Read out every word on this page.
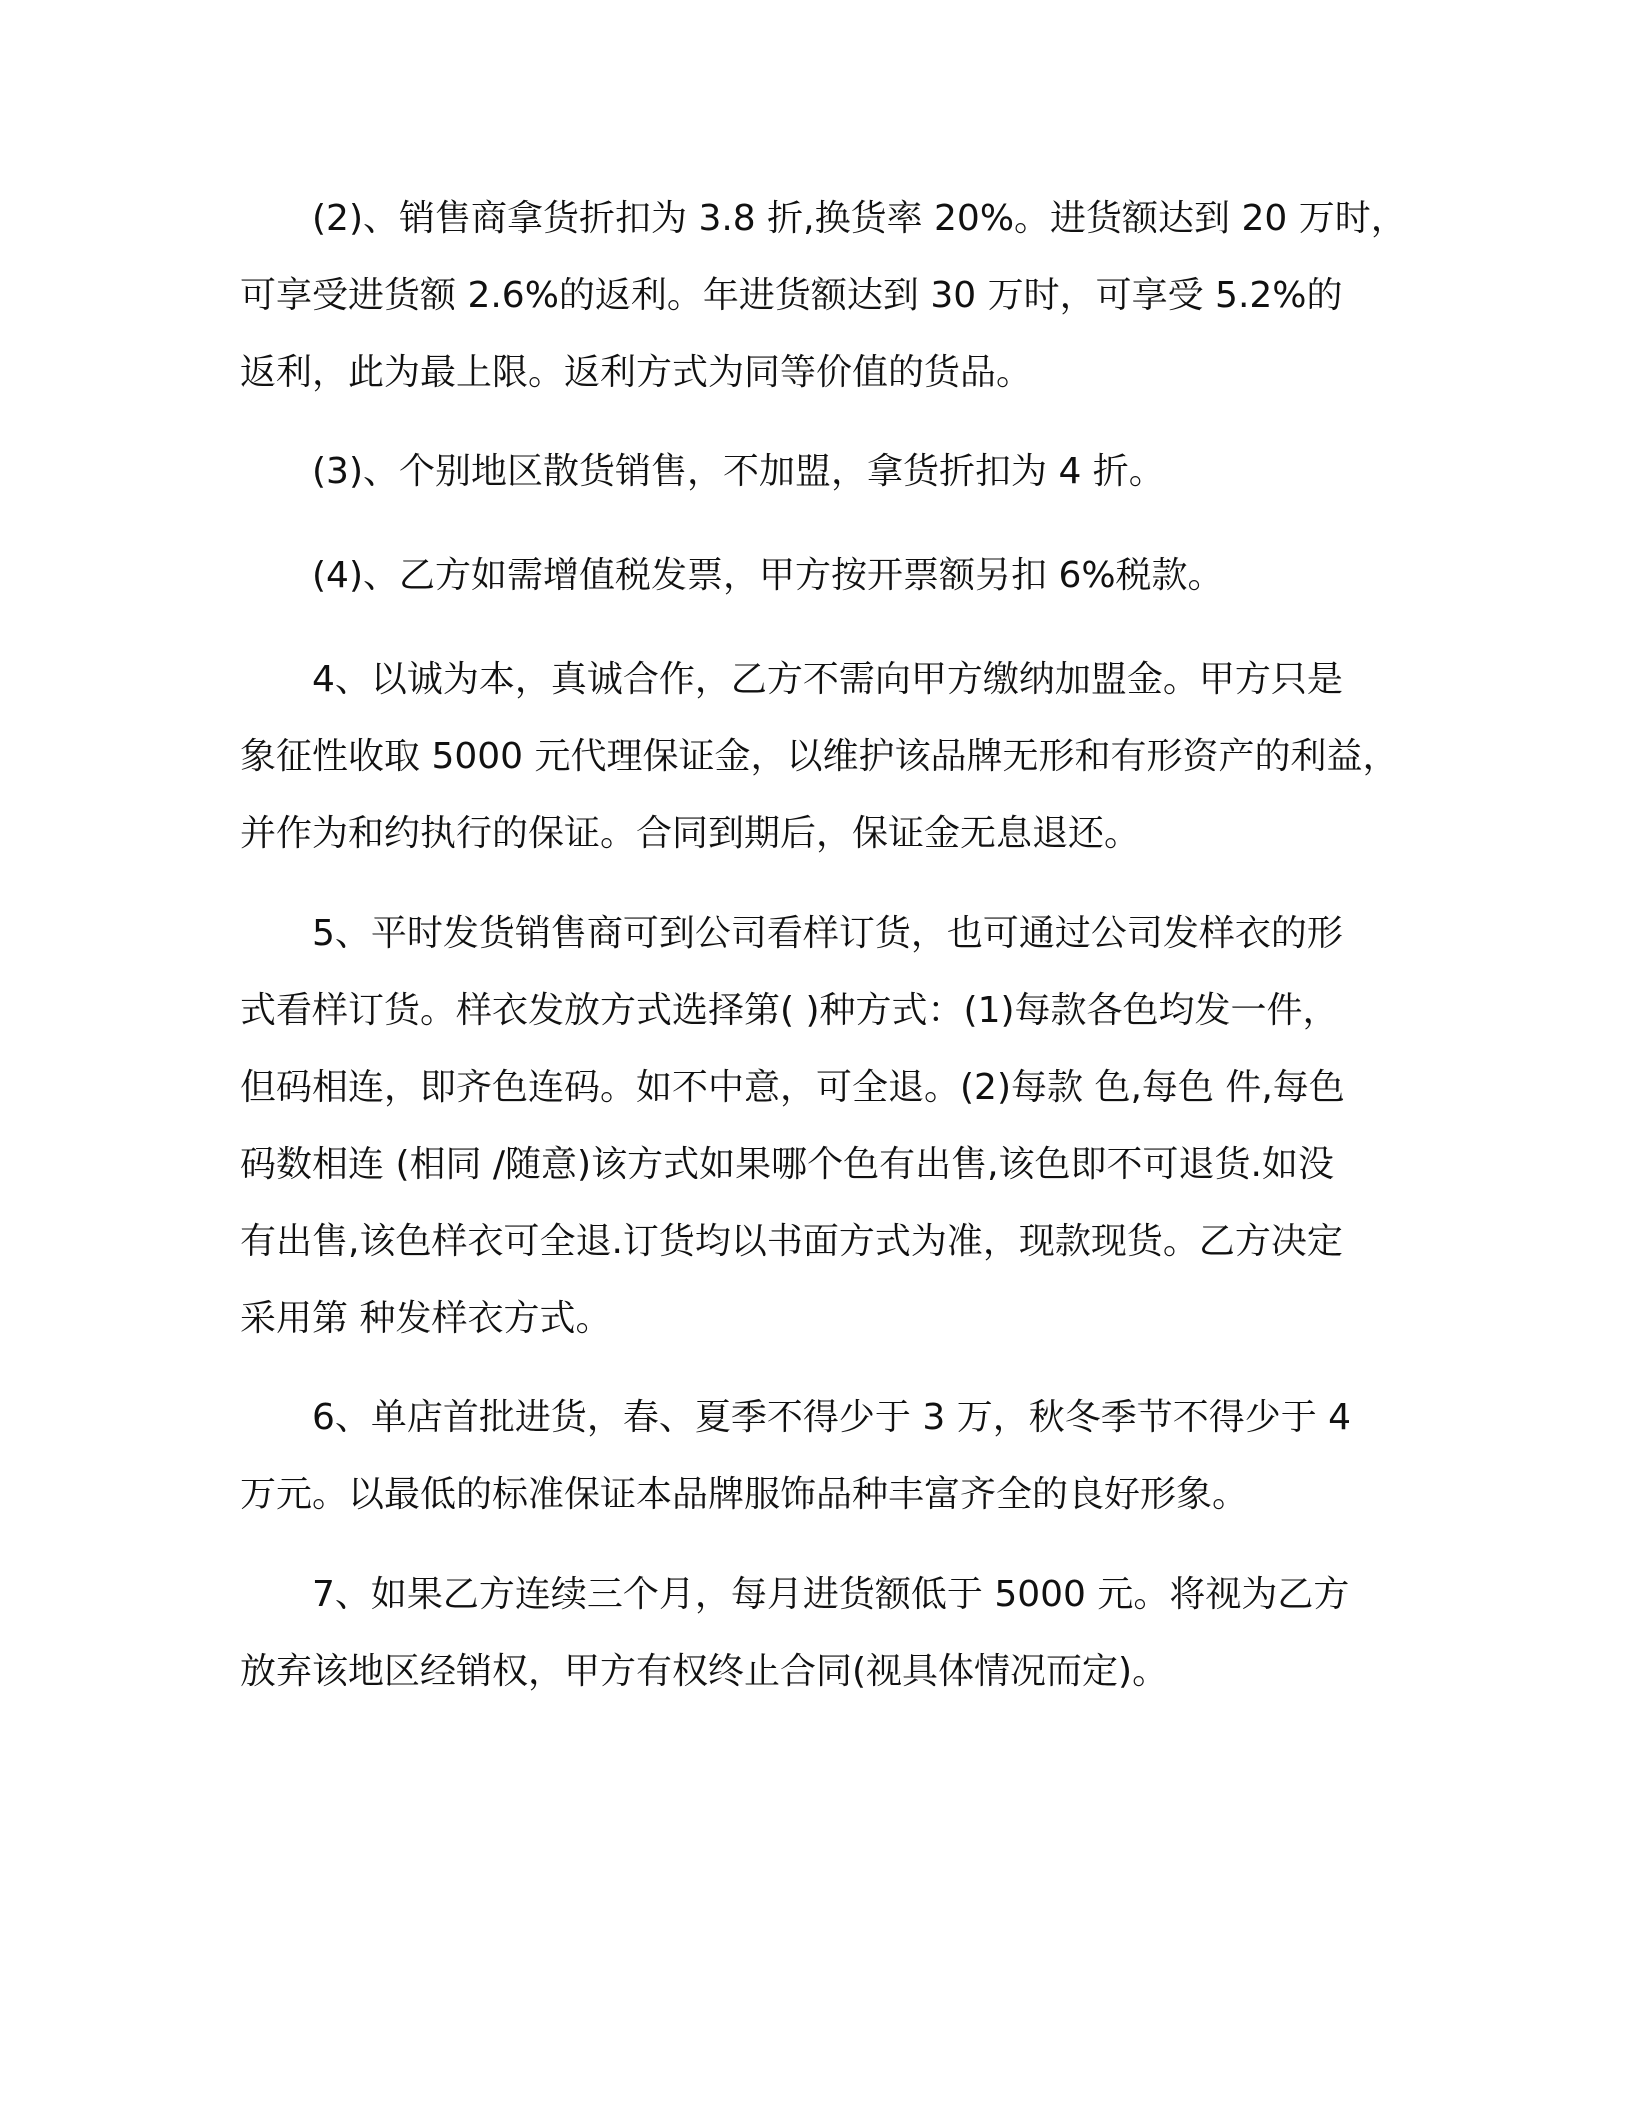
(2)、销售商拿货折扣为 3.8 折,换货率 20%。进货额达到 20 万时，
可享受进货额 2.6%的返利。年进货额达到 30 万时，可享受 5.2%的
返利，此为最上限。返利方式为同等价值的货品。
(3)、个别地区散货销售，不加盟，拿货折扣为 4 折。
(4)、乙方如需增值税发票，甲方按开票额另扣 6%税款。
4、以诚为本，真诚合作，乙方不需向甲方缴纳加盟金。甲方只是
象征性收取 5000 元代理保证金，以维护该品牌无形和有形资产的利益，
并作为和约执行的保证。合同到期后，保证金无息退还。
5、平时发货销售商可到公司看样订货，也可通过公司发样衣的形
式看样订货。样衣发放方式选择第( )种方式：(1)每款各色均发一件，
但码相连，即齐色连码。如不中意，可全退。(2)每款 色,每色 件,每色
码数相连 (相同 /随意)该方式如果哪个色有出售,该色即不可退货.如没
有出售,该色样衣可全退.订货均以书面方式为准，现款现货。乙方决定
采用第 种发样衣方式。
6、单店首批进货，春、夏季不得少于 3 万，秋冬季节不得少于 4
万元。以最低的标准保证本品牌服饰品种丰富齐全的良好形象。
7、如果乙方连续三个月，每月进货额低于 5000 元。将视为乙方
放弃该地区经销权，甲方有权终止合同(视具体情况而定)。
